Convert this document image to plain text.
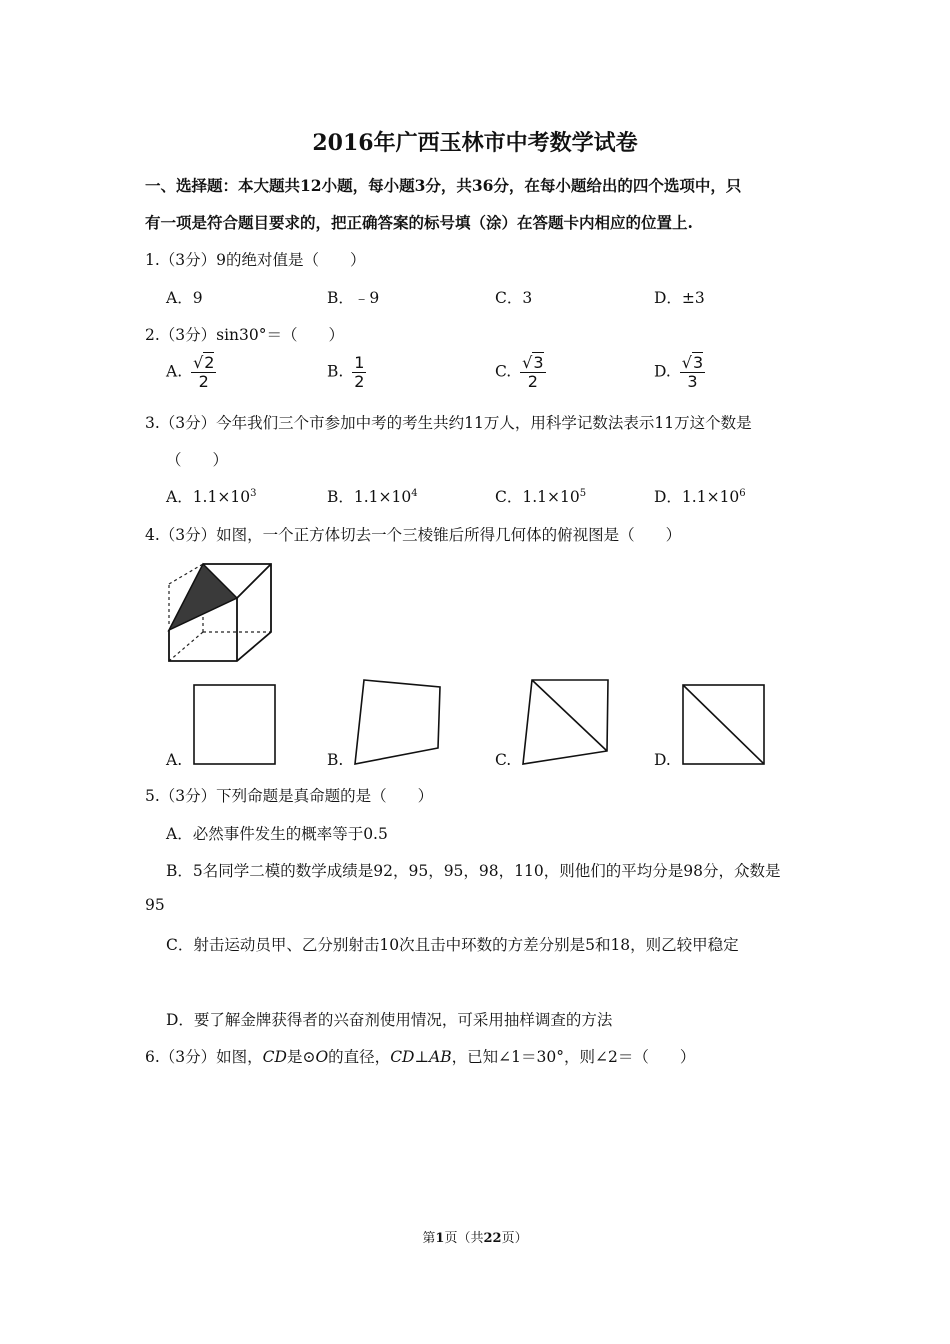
2016年广西玉林市中考数学试卷
一、选择题：本大题共12小题，每小题3分，共36分，在每小题给出的四个选项中，只
有一项是符合题目要求的，把正确答案的标号填（涂）在答题卡内相应的位置上.
1.（3分）9的绝对值是（　　）
A．9	B．﹣9	C．3	D．±3
2.（3分）sin30°＝（　　）
A. $\frac{√2}{2}$	B. $\frac{1}{2}$	C. $\frac{√3}{2}$	D. $\frac{√3}{3}$
3.（3分）今年我们三个市参加中考的考生共约11万人，用科学记数法表示11万这个数是
（　　）
A．$1.1\times 10^3$	B．$1.1\times 10^4$	C．$1.1\times 10^5$	D．$1.1\times 10^6$
4.（3分）如图，一个正方体切去一个三棱锥后所得几何体的俯视图是（　　）
A.	B.	C.	D.
5.（3分）下列命题是真命题的是（　　）
A．必然事件发生的概率等于0.5
B．5名同学二模的数学成绩是92，95，95，98，110，则他们的平均分是98分，众数是
95
C．射击运动员甲、乙分别射击10次且击中环数的方差分别是5和18，则乙较甲稳定
D．要了解金牌获得者的兴奋剂使用情况，可采用抽样调查的方法
6.（3分）如图，CD是⊙O的直径，CD⊥AB，已知∠1＝30°，则∠2＝（　　）
第1页（共22页）
